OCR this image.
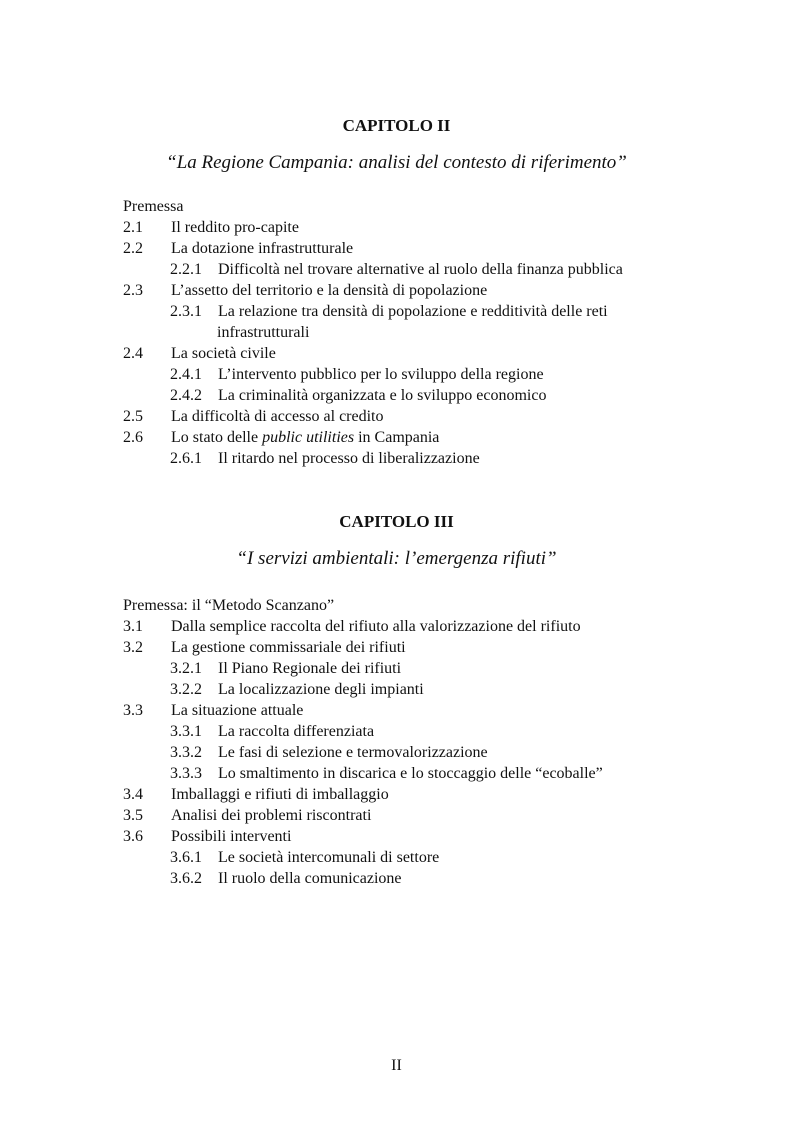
CAPITOLO II
“La Regione Campania: analisi del contesto di riferimento”
Premessa
2.1 Il reddito pro-capite
2.2 La dotazione infrastrutturale
2.2.1 Difficoltà nel trovare alternative al ruolo della finanza pubblica
2.3 L’assetto del territorio e la densità di popolazione
2.3.1 La relazione tra densità di popolazione e redditività delle reti
infrastrutturali
2.4 La società civile
2.4.1 L’intervento pubblico per lo sviluppo della regione
2.4.2 La criminalità organizzata e lo sviluppo economico
2.5 La difficoltà di accesso al credito
2.6 Lo stato delle public utilities in Campania
2.6.1 Il ritardo nel processo di liberalizzazione
CAPITOLO III
“I servizi ambientali: l’emergenza rifiuti”
Premessa: il “Metodo Scanzano”
3.1 Dalla semplice raccolta del rifiuto alla valorizzazione del rifiuto
3.2 La gestione commissariale dei rifiuti
3.2.1 Il Piano Regionale dei rifiuti
3.2.2 La localizzazione degli impianti
3.3 La situazione attuale
3.3.1 La raccolta differenziata
3.3.2 Le fasi di selezione e termovalorizzazione
3.3.3 Lo smaltimento in discarica e lo stoccaggio delle “ecoballe”
3.4 Imballaggi e rifiuti di imballaggio
3.5 Analisi dei problemi riscontrati
3.6 Possibili interventi
3.6.1 Le società intercomunali di settore
3.6.2 Il ruolo della comunicazione
II
